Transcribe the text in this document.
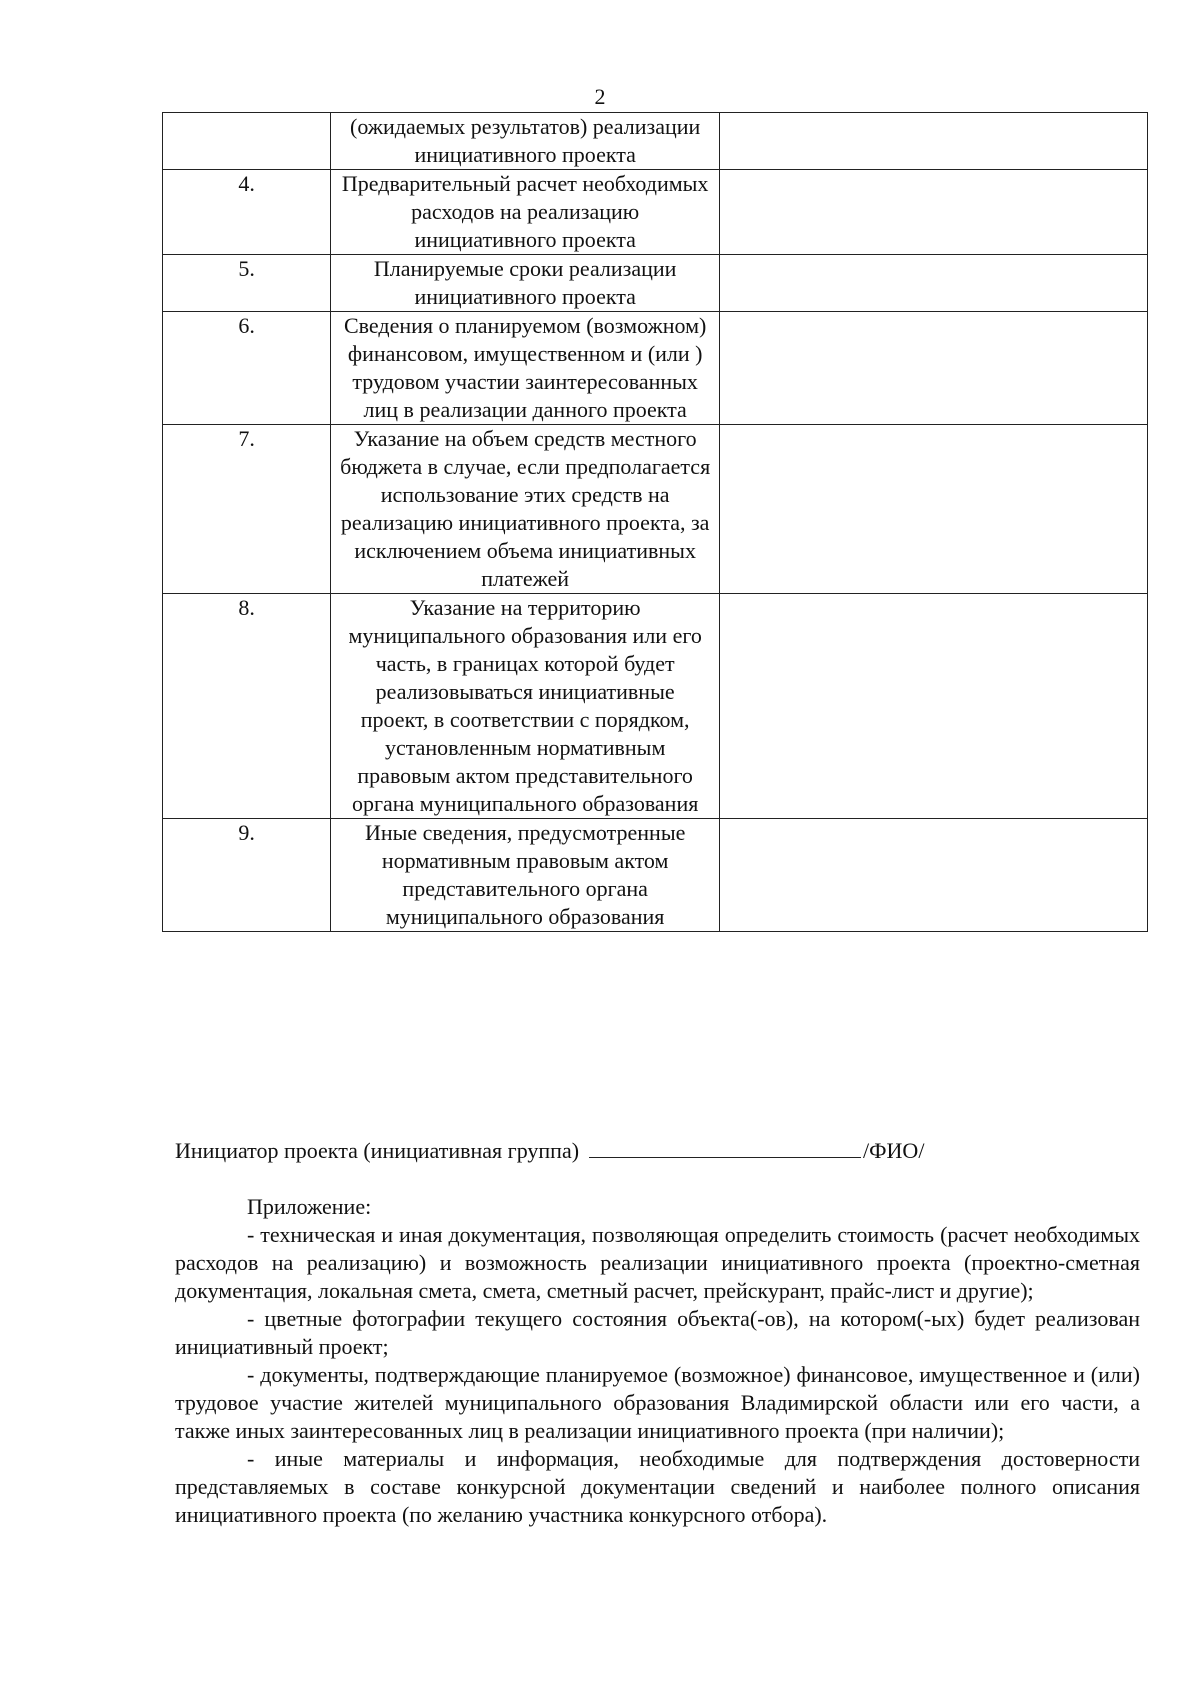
2
	(ожидаемых результатов) реализации инициативного проекта	
4.	Предварительный расчет необходимых расходов на реализацию инициативного проекта	
5.	Планируемые сроки реализации инициативного проекта	
6.	Сведения о планируемом (возможном) финансовом, имущественном и (или ) трудовом участии заинтересованных лиц в реализации данного проекта	
7.	Указание на объем средств местного бюджета в случае, если предполагается использование этих средств на реализацию инициативного проекта, за исключением объема инициативных платежей	
8.	Указание на территорию муниципального образования или его часть, в границах которой будет реализовываться инициативные проект, в соответствии с порядком, установленным нормативным правовым актом представительного органа муниципального образования	
9.	Иные сведения, предусмотренные нормативным правовым актом представительного органа муниципального образования	
Инициатор проекта (инициативная группа)	/ФИО/

Приложение:

- техническая и иная документация, позволяющая определить стоимость (расчет необходимых расходов на реализацию) и возможность реализации инициативного проекта (проектно-сметная документация, локальная смета, смета, сметный расчет, прейскурант, прайс-лист и другие);

- цветные фотографии текущего состояния объекта(-ов), на котором(-ых) будет реализован инициативный проект;

- документы, подтверждающие планируемое (возможное) финансовое, имущественное и (или) трудовое участие жителей муниципального образования Владимирской области или его части, а также иных заинтересованных лиц в реализации инициативного проекта (при наличии);

- иные материалы и информация, необходимые для подтверждения достоверности представляемых в составе конкурсной документации сведений и наиболее полного описания инициативного проекта (по желанию участника конкурсного отбора).
